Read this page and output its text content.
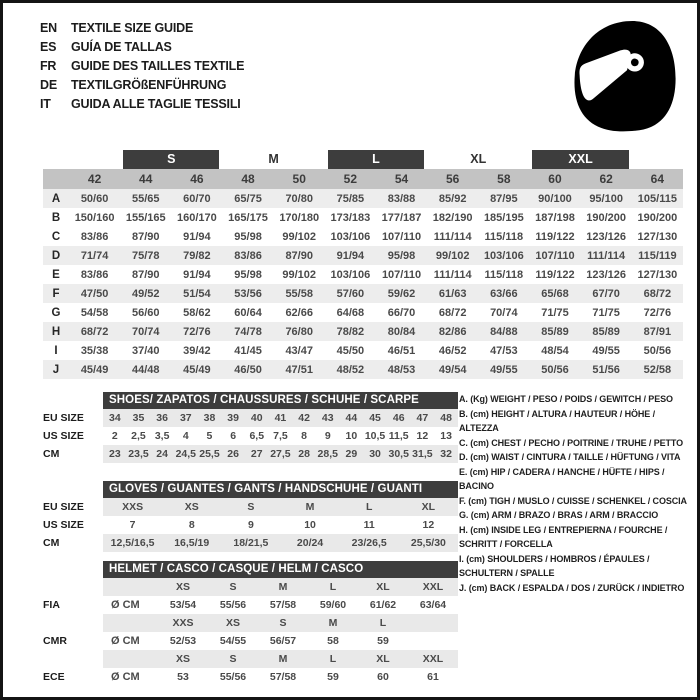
EN	TEXTILE SIZE GUIDE
ES	GUÍA DE TALLAS
FR	GUIDE DES TAILLES TEXTILE
DE	TEXTILGRÖßENFÜHRUNG
IT	GUIDA ALLE TAGLIE TESSILI

		S		M		L		XL		XXL		

	42	44	46	48	50	52	54	56	58	60	62	64
A	50/60	55/65	60/70	65/75	70/80	75/85	83/88	85/92	87/95	90/100	95/100	105/115
B	150/160	155/165	160/170	165/175	170/180	173/183	177/187	182/190	185/195	187/198	190/200	190/200
C	83/86	87/90	91/94	95/98	99/102	103/106	107/110	111/114	115/118	119/122	123/126	127/130
D	71/74	75/78	79/82	83/86	87/90	91/94	95/98	99/102	103/106	107/110	111/114	115/119
E	83/86	87/90	91/94	95/98	99/102	103/106	107/110	111/114	115/118	119/122	123/126	127/130
F	47/50	49/52	51/54	53/56	55/58	57/60	59/62	61/63	63/66	65/68	67/70	68/72
G	54/58	56/60	58/62	60/64	62/66	64/68	66/70	68/72	70/74	71/75	71/75	72/76
H	68/72	70/74	72/76	74/78	76/80	78/82	80/84	82/86	84/88	85/89	85/89	87/91
I	35/38	37/40	39/42	41/45	43/47	45/50	46/51	46/52	47/53	48/54	49/55	50/56
J	45/49	44/48	45/49	46/50	47/51	48/52	48/53	49/54	49/55	50/56	51/56	52/58

	SHOES/ ZAPATOS / CHAUSSURES / SCHUHE / SCARPE														

EU SIZE	34	35	36	37	38	39	40	41	42	43	44	45	46	47	48
US SIZE	2	2,5	3,5	4	5	6	6,5	7,5	8	9	10	10,5	11,5	12	13
CM	23	23,5	24	24,5	25,5	26	27	27,5	28	28,5	29	30	30,5	31,5	32

	GLOVES / GUANTES / GANTS / HANDSCHUHE / GUANTI					

EU SIZE	XXS	XS	S	M	L	XL
US SIZE	7	8	9	10	11	12
CM	12,5/16,5	16,5/19	18/21,5	20/24	23/26,5	25,5/30

	HELMET / CASCO / CASQUE / HELM / CASCO						

		XS	S	M	L	XL	XXL
FIA	Ø CM	53/54	55/56	57/58	59/60	61/62	63/64
		XXS	XS	S	M	L	
CMR	Ø CM	52/53	54/55	56/57	58	59	
		XS	S	M	L	XL	XXL
ECE	Ø CM	53	55/56	57/58	59	60	61
A. (Kg) WEIGHT / PESO / POIDS / GEWITCH / PESO
B. (cm) HEIGHT / ALTURA / HAUTEUR / HÖHE / ALTEZZA
C. (cm) CHEST / PECHO / POITRINE / TRUHE / PETTO
D. (cm) WAIST / CINTURA / TAILLE / HÜFTUNG / VITA
E. (cm) HIP / CADERA / HANCHE / HÜFTE / HIPS / BACINO
F. (cm) TIGH / MUSLO / CUISSE / SCHENKEL / COSCIA
G. (cm) ARM / BRAZO / BRAS / ARM / BRACCIO
H. (cm) INSIDE LEG / ENTREPIERNA / FOURCHE / SCHRITT / FORCELLA
I. (cm) SHOULDERS / HOMBROS / ÉPAULES / SCHULTERN / SPALLE
J. (cm) BACK / ESPALDA / DOS / ZURÜCK / INDIETRO
